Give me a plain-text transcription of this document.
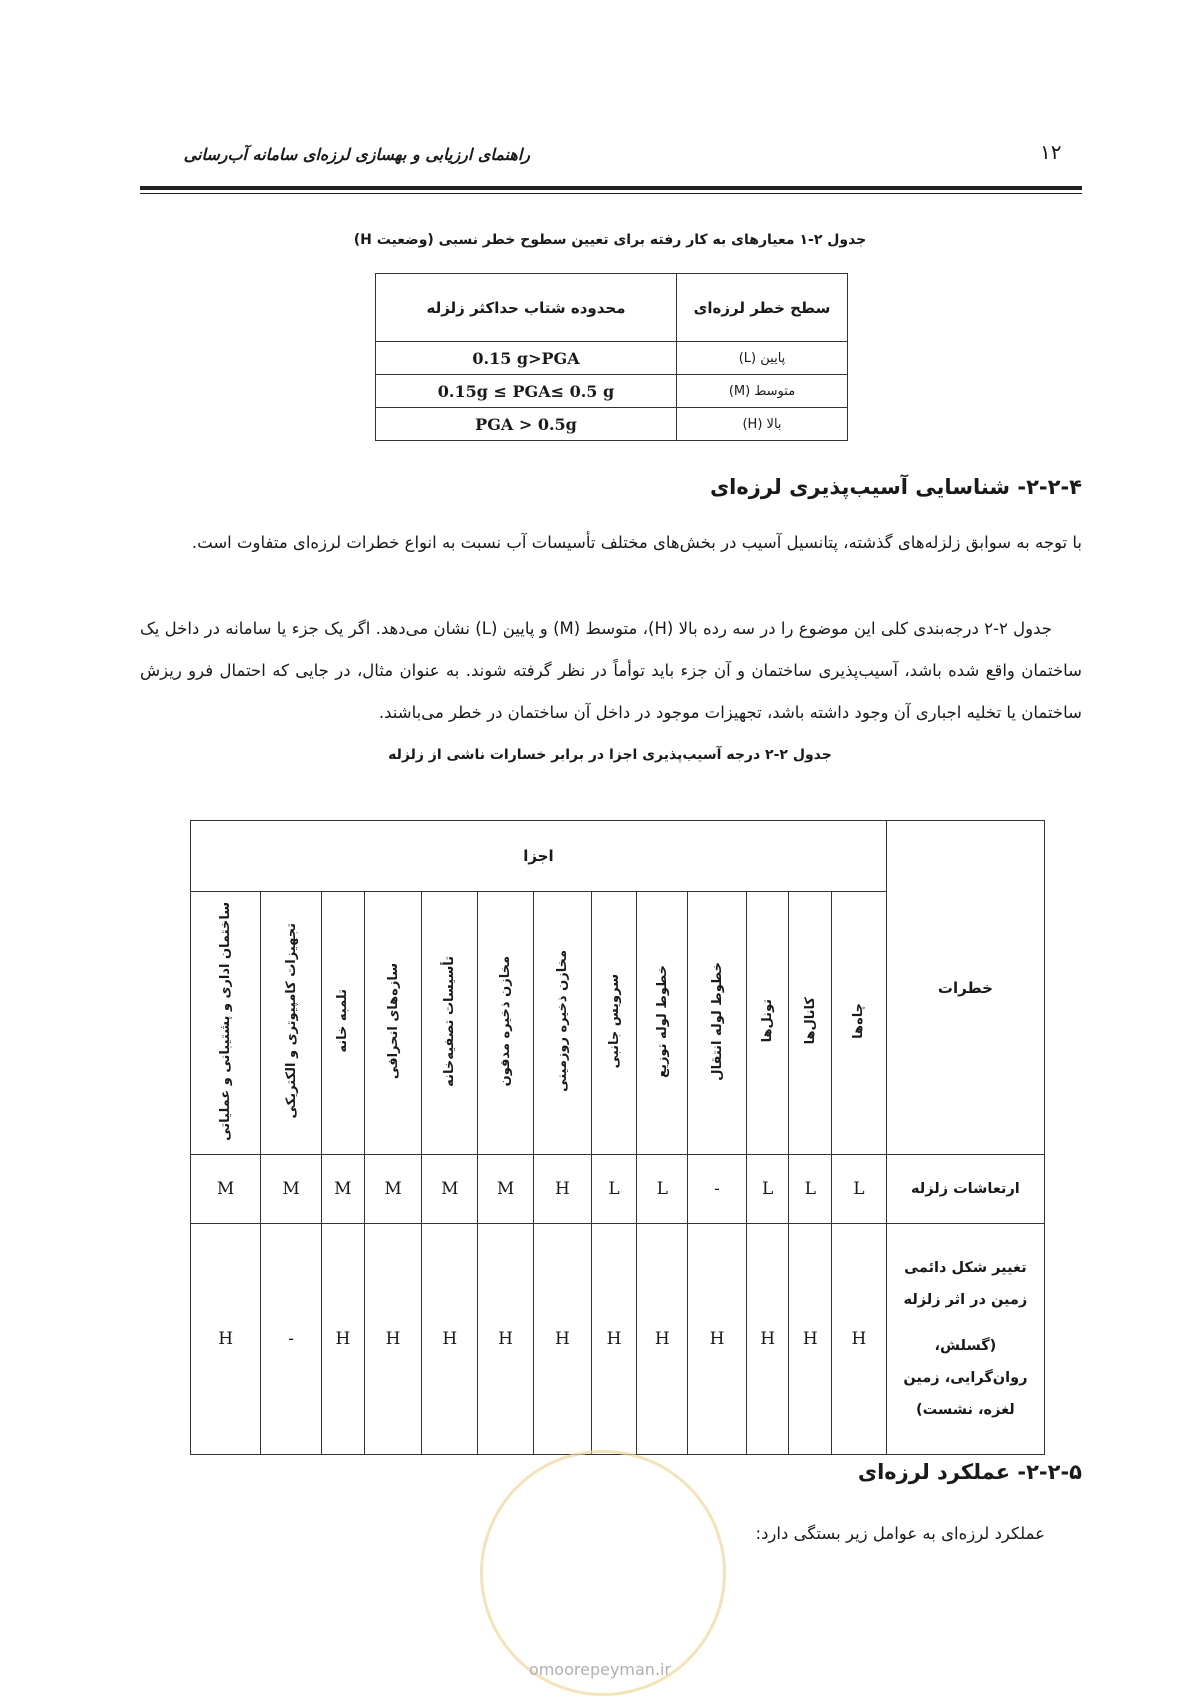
۱۲
راهنمای ارزیابی و بهسازی لرزه‌ای سامانه آب‌رسانی
جدول ۲-۱ معیارهای به کار رفته برای تعیین سطوح خطر نسبی (وضعیت H)
سطح خطر لرزه‌ای	محدوده شتاب حداکثر زلزله
پایین (L)	0.15 g>PGA
متوسط (M)	0.15g ≤ PGA≤ 0.5 g
بالا (H)	PGA > 0.5g
۲-۲-۴- شناسایی آسیب‌پذیری لرزه‌ای
با توجه به سوابق زلزله‌های گذشته، پتانسیل آسیب در بخش‌های مختلف تأسیسات آب نسبت به انواع خطرات لرزه‌ای متفاوت است.
جدول ۲-۲ درجه‌بندی کلی این موضوع را در سه رده بالا (H)، متوسط (M) و پایین (L) نشان می‌دهد. اگر یک جزء یا سامانه در داخل یک ساختمان واقع شده باشد، آسیب‌پذیری ساختمان و آن جزء باید توأماً در نظر گرفته شوند. به عنوان مثال، در جایی که احتمال فرو ریزش ساختمان یا تخلیه اجباری آن وجود داشته باشد، تجهیزات موجود در داخل آن ساختمان در خطر می‌باشند.
جدول ۲-۲ درجه آسیب‌پذیری اجزا در برابر خسارات ناشی از زلزله
خطرات	اجزا												
	چاه‌ها	کانال‌ها	تونل‌ها	خطوط لوله انتقال	خطوط لوله توزیع	سرویس جانبی	مخازن ذخیره روزمینی	مخازن ذخیره مدفون	تأسیسات تصفیه‌خانه	سازه‌های انحرافی	تلمبه خانه	تجهیزات کامپیوتری و الکتریکی	ساختمان اداری و پشتیبانی و عملیاتی

ارتعاشات زلزله	L	L	L	-	L	L	H	M	M	M	M	M	M

تغییر شکل دائمی
زمین در اثر زلزله
(گسلش،
روان‌گرایی، زمین
لغزه، نشست)	H	H	H	H	H	H	H	H	H	H	H	-	H
۲-۲-۵- عملکرد لرزه‌ای
عملکرد لرزه‌ای به عوامل زیر بستگی دارد:
omoorepeyman.ir
